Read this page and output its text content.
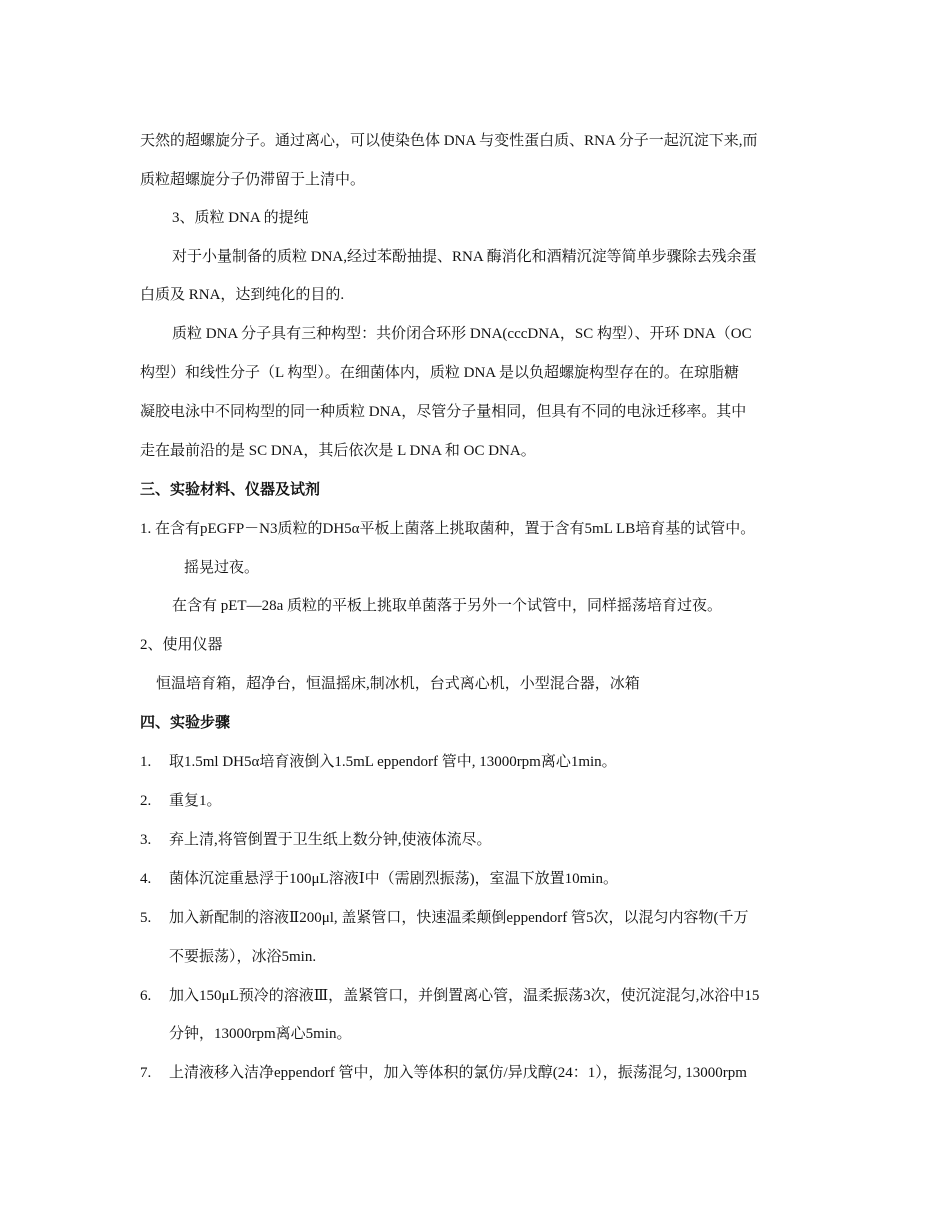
天然的超螺旋分子。通过离心，可以使染色体 DNA 与变性蛋白质、RNA 分子一起沉淀下来,而
质粒超螺旋分子仍滞留于上清中。
3、质粒 DNA 的提纯
对于小量制备的质粒 DNA,经过苯酚抽提、RNA 酶消化和酒精沉淀等简单步骤除去残余蛋
白质及 RNA，达到纯化的目的.
质粒 DNA 分子具有三种构型：共价闭合环形 DNA(cccDNA，SC 构型）、开环 DNA（OC
构型）和线性分子（L 构型）。在细菌体内，质粒 DNA 是以负超螺旋构型存在的。在琼脂糖
凝胶电泳中不同构型的同一种质粒 DNA，尽管分子量相同，但具有不同的电泳迁移率。其中
走在最前沿的是 SC DNA，其后依次是 L DNA 和 OC DNA。
三、实验材料、仪器及试剂
1. 在含有pEGFP－N3质粒的DH5α平板上菌落上挑取菌种，置于含有5mL LB培育基的试管中。
摇晃过夜。
在含有 pET—28a 质粒的平板上挑取单菌落于另外一个试管中，同样摇荡培育过夜。
2、使用仪器
恒温培育箱，超净台，恒温摇床,制冰机，台式离心机，小型混合器，冰箱
四、实验步骤
1. 取1.5ml DH5α培育液倒入1.5mL eppendorf 管中, 13000rpm离心1min。
2. 重复1。
3. 弃上清,将管倒置于卫生纸上数分钟,使液体流尽。
4. 菌体沉淀重悬浮于100μL溶液Ⅰ中（需剧烈振荡)，室温下放置10min。
5. 加入新配制的溶液Ⅱ200μl, 盖紧管口，快速温柔颠倒eppendorf 管5次，以混匀内容物(千万
不要振荡），冰浴5min.
6. 加入150μL预冷的溶液Ⅲ，盖紧管口，并倒置离心管，温柔振荡3次，使沉淀混匀,冰浴中15
分钟，13000rpm离心5min。
7. 上清液移入洁净eppendorf 管中，加入等体积的氯仿/异戊醇(24：1），振荡混匀, 13000rpm
